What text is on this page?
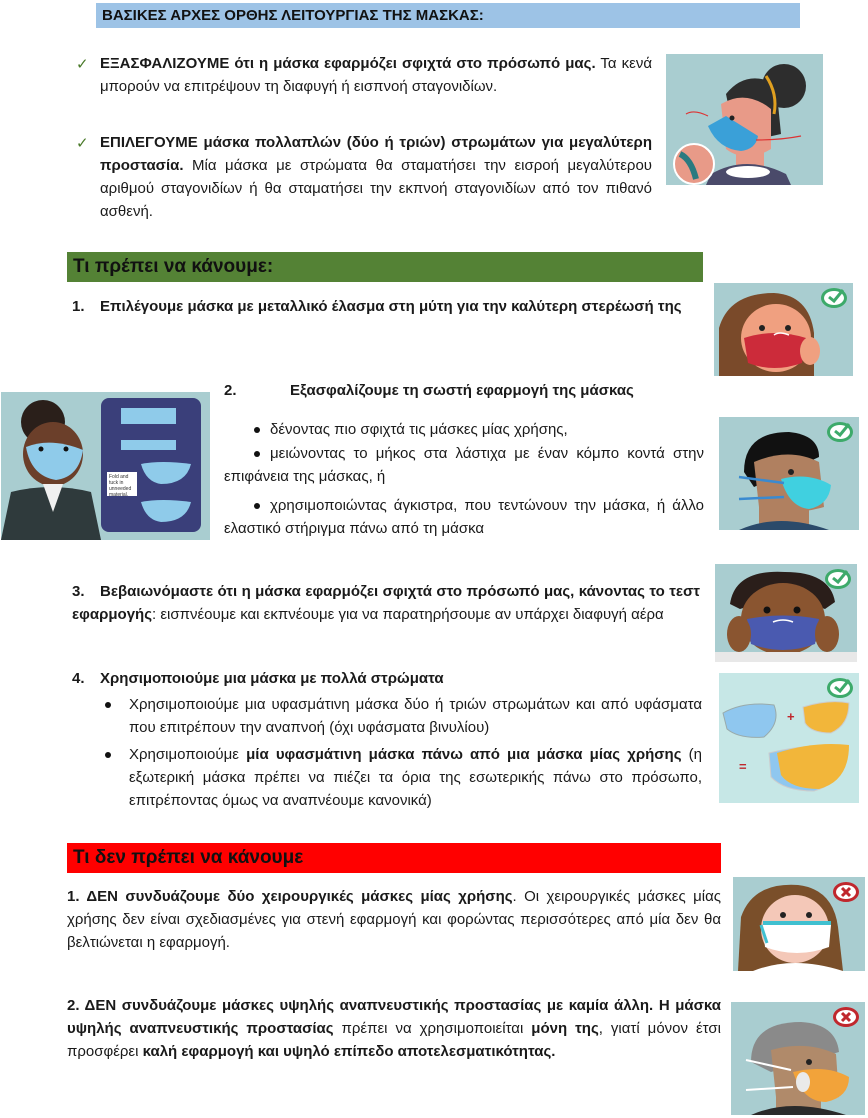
ΒΑΣΙΚΕΣ ΑΡΧΕΣ ΟΡΘΗΣ ΛΕΙΤΟΥΡΓΙΑΣ ΤΗΣ ΜΑΣΚΑΣ:
✓ ΕΞΑΣΦΑΛΙΖΟΥΜΕ ότι η μάσκα εφαρμόζει σφιχτά στο πρόσωπό μας. Τα κενά μπορούν να επιτρέψουν τη διαφυγή ή εισπνοή σταγονιδίων.
✓ ΕΠΙΛΕΓΟΥΜΕ μάσκα πολλαπλών (δύο ή τριών) στρωμάτων για μεγαλύτερη προστασία. Μία μάσκα με στρώματα θα σταματήσει την εισροή μεγαλύτερου αριθμού σταγονιδίων ή θα σταματήσει την εκπνοή σταγονιδίων από τον πιθανό ασθενή.
Τι πρέπει να κάνουμε:
1. Επιλέγουμε μάσκα με μεταλλικό έλασμα στη μύτη για την καλύτερη στερέωσή της
Fold and tuck in unneeded material.
2.	Εξασφαλίζουμε τη σωστή εφαρμογή της μάσκας
δένοντας πιο σφιχτά τις μάσκες μίας χρήσης,
μειώνοντας το μήκος στα λάστιχα με έναν κόμπο κοντά στην επιφάνεια της μάσκας, ή
χρησιμοποιώντας άγκιστρα, που τεντώνουν την μάσκα, ή άλλο ελαστικό στήριγμα πάνω από τη μάσκα
3. Βεβαιωνόμαστε ότι η μάσκα εφαρμόζει σφιχτά στο πρόσωπό μας, κάνοντας το τεστ εφαρμογής: εισπνέουμε και εκπνέουμε για να παρατηρήσουμε αν υπάρχει διαφυγή αέρα
4. Χρησιμοποιούμε μια μάσκα με πολλά στρώματα
Χρησιμοποιούμε μια υφασμάτινη μάσκα δύο ή τριών στρωμάτων και από υφάσματα που επιτρέπουν την αναπνοή (όχι υφάσματα βινυλίου)
Χρησιμοποιούμε μία υφασμάτινη μάσκα πάνω από μια μάσκα μίας χρήσης (η εξωτερική μάσκα πρέπει να πιέζει τα όρια της εσωτερικής πάνω στο πρόσωπο, επιτρέποντας όμως να αναπνέουμε κανονικά)
+
=
Τι δεν πρέπει να κάνουμε
1. ΔΕΝ συνδυάζουμε δύο χειρουργικές μάσκες μίας χρήσης. Οι χειρουργικές μάσκες μίας χρήσης δεν είναι σχεδιασμένες για στενή εφαρμογή και φορώντας περισσότερες από μία δεν θα βελτιώνεται η εφαρμογή.
2. ΔΕΝ συνδυάζουμε μάσκες υψηλής αναπνευστικής προστασίας με καμία άλλη. Η μάσκα υψηλής αναπνευστικής προστασίας πρέπει να χρησιμοποιείται μόνη της, γιατί μόνον έτσι προσφέρει καλή εφαρμογή και υψηλό επίπεδο αποτελεσματικότητας.
